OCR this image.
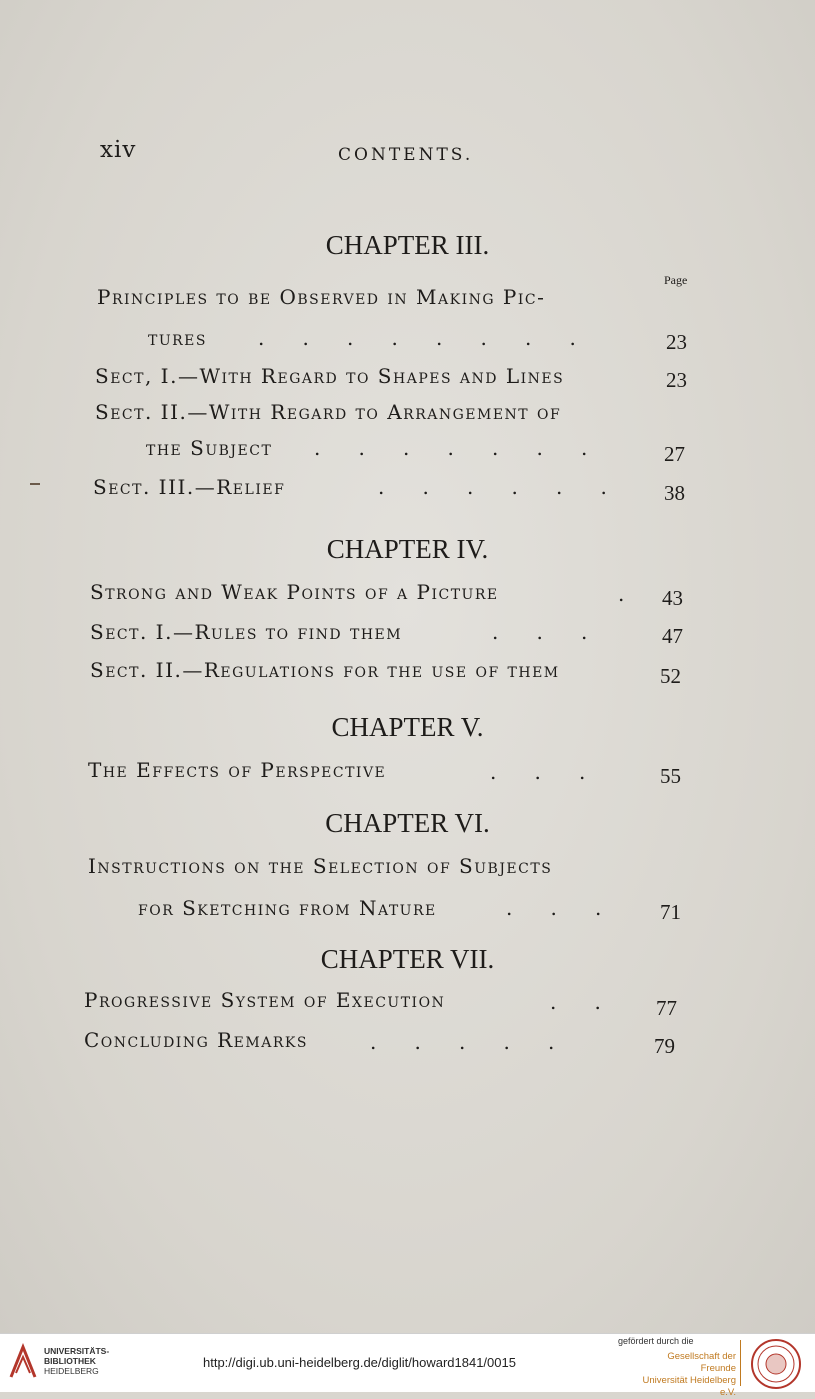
xiv	CONTENTS.
CHAPTER III.
Page
Principles to be Observed in Making Pic-
tures	.      .      .      .      .      .      .      .	23
Sect, I.—With Regard to Shapes and Lines	23
Sect. II.—With Regard to Arrangement of
the Subject .      .      .      .      .      .      .	27
Sect. III.—Relief	.      .      .      .      .      .	38
CHAPTER IV.
Strong and Weak Points of a Picture	. 43
Sect. I.—Rules to find them	.      .      .	47
Sect. II.—Regulations for the use of them	52
CHAPTER V.
The Effects of Perspective	.      .      .	55
CHAPTER VI.
Instructions on the Selection of Subjects
for Sketching from Nature	.      .      .	71
CHAPTER VII.
Progressive System of Execution	.      .	77
Concluding Remarks	.      .      .      .      .	79
UNIVERSITÄTS-
BIBLIOTHEK
HEIDELBERG
http://digi.ub.uni-heidelberg.de/diglit/howard1841/0015
gefördert durch die
Gesellschaft der Freunde
Universität Heidelberg e.V.
